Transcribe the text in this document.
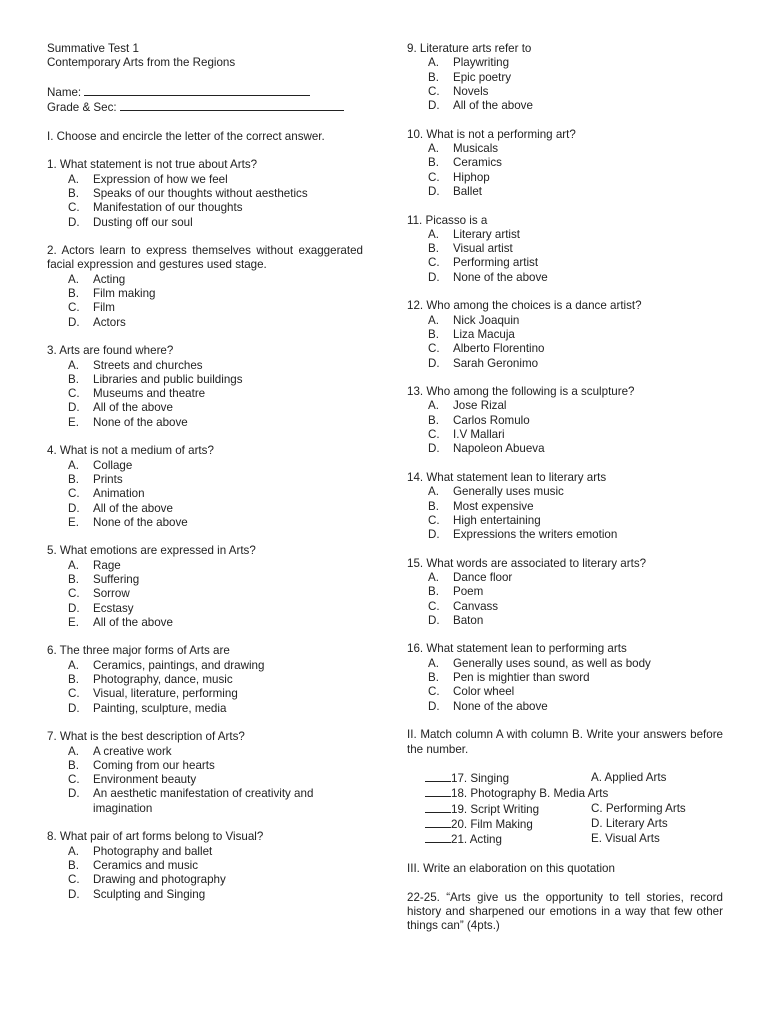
Summative Test 1
Contemporary Arts from the Regions
Name:
Grade & Sec:
I. Choose and encircle the letter of the correct answer.
1. What statement is not true about Arts?
A.	Expression of how we feel
B.	Speaks of our thoughts without aesthetics
C.	Manifestation of our thoughts
D.	Dusting off our soul
2. Actors learn to express themselves without exaggerated facial expression and gestures used stage.
A.	Acting
B.	Film making
C.	Film
D.	Actors
3. Arts are found where?
A.	Streets and churches
B.	Libraries and public buildings
C.	Museums and theatre
D.	All of the above
E.	None of the above
4. What is not a medium of arts?
A.	Collage
B.	Prints
C.	Animation
D.	All of the above
E.	None of the above
5. What emotions are expressed in Arts?
A.	Rage
B.	Suffering
C.	Sorrow
D.	Ecstasy
E.	All of the above
6. The three major forms of Arts are
A.	Ceramics, paintings, and drawing
B.	Photography, dance, music
C.	Visual, literature, performing
D.	Painting, sculpture, media
7. What is the best description of Arts?
A.	A creative work
B.	Coming from our hearts
C.	Environment beauty
D.	An aesthetic manifestation of creativity and imagination
8. What pair of art forms belong to Visual?
A.	Photography and ballet
B.	Ceramics and music
C.	Drawing and photography
D.	Sculpting and Singing
9. Literature arts refer to
A.	Playwriting
B.	Epic poetry
C.	Novels
D.	All of the above
10. What is not a performing art?
A.	Musicals
B.	Ceramics
C.	Hiphop
D.	Ballet
11. Picasso is a
A.	Literary artist
B.	Visual artist
C.	Performing artist
D.	None of the above
12. Who among the choices is a dance artist?
A.	Nick Joaquin
B.	Liza Macuja
C.	Alberto Florentino
D.	Sarah Geronimo
13. Who among the following is a sculpture?
A.	Jose Rizal
B.	Carlos Romulo
C.	I.V Mallari
D.	Napoleon Abueva
14. What statement lean to literary arts
A.	Generally uses music
B.	Most expensive
C.	High entertaining
D.	Expressions the writers emotion
15. What words are associated to literary arts?
A.	Dance floor
B.	Poem
C.	Canvass
D.	Baton
16. What statement lean to performing arts
A.	Generally uses sound, as well as body
B.	Pen is mightier than sword
C.	Color wheel
D.	None of the above
II. Match column A with column B. Write your answers before the number.
17. Singing	A. Applied Arts
18. Photography B. Media Arts
19. Script Writing	C. Performing Arts
20. Film Making	D. Literary Arts
21. Acting	E. Visual Arts
III. Write an elaboration on this quotation
22-25. “Arts give us the opportunity to tell stories, record history and sharpened our emotions in a way that few other things can” (4pts.)
